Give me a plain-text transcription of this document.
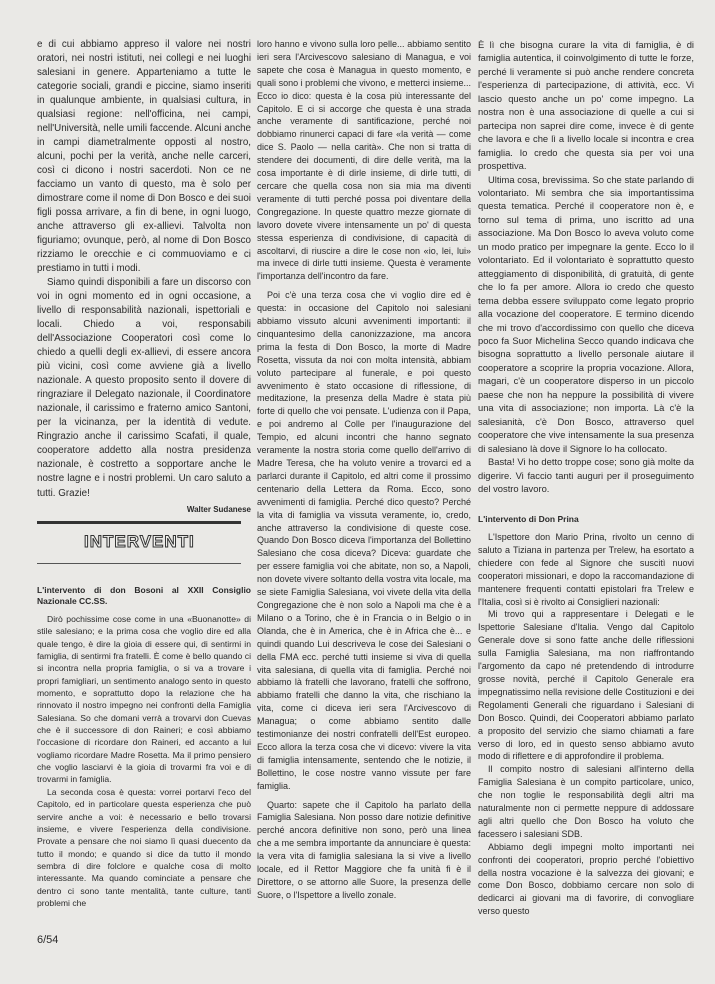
e di cui abbiamo appreso il valore nei nostri oratori, nei nostri istituti, nei collegi e nei luoghi salesiani in genere. Apparteniamo a tutte le categorie sociali, grandi e piccine, siamo inseriti in qualunque ambiente, in qualsiasi cultura, in qualsiasi regione: nell'officina, nei campi, nell'Università, nelle umili faccende. Alcuni anche in campi diametralmente opposti al nostro, alcuni, pochi per la verità, anche nelle carceri, così ci dicono i nostri sacerdoti. Non ce ne facciamo un vanto di questo, ma è solo per dimostrare come il nome di Don Bosco e dei suoi figli possa arrivare, a fin di bene, in ogni luogo, anche attraverso gli ex-allievi. Talvolta non figuriamo; ovunque, però, al nome di Don Bosco rizziamo le orecchie e ci commuoviamo e ci prestiamo in tutti i modi.

Siamo quindi disponibili a fare un discorso con voi in ogni momento ed in ogni occasione, a livello di responsabilità nazionali, ispettoriali e locali. Chiedo a voi, responsabili dell'Associazione Cooperatori così come lo chiedo a quelli degli ex-allievi, di essere ancora più vicini, così come avviene già a livello nazionale. A questo proposito sento il dovere di ringraziare il Delegato nazionale, il Coordinatore nazionale, il carissimo e fraterno amico Santoni, per la vicinanza, per la identità di vedute. Ringrazio anche il carissimo Scafati, il quale, cooperatore addetto alla nostra presidenza nazionale, è costretto a sopportare anche le nostre lagne e i nostri problemi. Un caro saluto a tutti. Grazie!

Walter Sudanese
INTERVENTI

L'intervento di don Bosoni al XXII Consiglio Nazionale CC.SS.

Dirò pochissime cose come in una «Buonanotte» di stile salesiano; e la prima cosa che voglio dire ed alla quale tengo, è dire la gioia di essere qui, di sentirmi in famiglia, di sentirmi fra fratelli. È come è bello quando ci si incontra nella propria famiglia, o si va a trovare i propri famigliari, un sentimento analogo sento in questo momento, e soprattutto dopo la relazione che ha rinnovato il nostro impegno nei confronti della Famiglia Salesiana. So che domani verrà a trovarvi don Cuevas che è il successore di don Raineri; e così abbiamo l'occasione di ricordare don Raineri, ed accanto a lui vogliamo ricordare Madre Rosetta. Ma il primo pensiero che voglio lasciarvi è la gioia di trovarmi fra voi e di trovarmi in famiglia.

La seconda cosa è questa: vorrei portarvi l'eco del Capitolo, ed in particolare questa esperienza che può servire anche a voi: è necessario e bello trovarsi insieme, e vivere l'esperienza della condivisione. Provate a pensare che noi siamo lì quasi duecento da tutto il mondo; e quando si dice da tutto il mondo sembra di dire folclore e qualche cosa di molto interessante. Ma quando cominciate a pensare che dentro ci sono tante mentalità, tante culture, tanti problemi che

loro hanno e vivono sulla loro pelle... abbiamo sentito ieri sera l'Arcivescovo salesiano di Managua, e voi sapete che cosa è Managua in questo momento, e quali sono i problemi che vivono, e metterci insieme... Ecco io dico: questa è la cosa più interessante del Capitolo. E ci si accorge che questa è una strada anche veramente di santificazione, perché noi dobbiamo rinunerci capaci di fare «la verità — come dice S. Paolo — nella carità». Che non si tratta di stendere dei documenti, di dire delle verità, ma la cosa importante è di dirle insieme, di dirle tutti, di cercare che quella cosa non sia mia ma diventi veramente di tutti perché possa poi diventare della Congregazione. In queste quattro mezze giornate di lavoro dovete vivere intensamente un po' di questa stessa esperienza di condivisione, di capacità di ascoltarvi, di riuscire a dire le cose non «io, lei, lui» ma invece di dirle tutti insieme. Questa è veramente l'importanza dell'incontro da fare.

Poi c'è una terza cosa che vi voglio dire ed è questa: in occasione del Capitolo noi salesiani abbiamo vissuto alcuni avvenimenti importanti: il cinquantesimo della canonizzazione, ma ancora prima la festa di Don Bosco, la morte di Madre Rosetta, vissuta da noi con molta intensità, abbiam voluto partecipare al funerale, e poi questo avvenimento è stato occasione di riflessione, di meditazione, la presenza della Madre è stata più forte di quello che voi pensate. L'udienza con il Papa, e poi andremo al Colle per l'inaugurazione del Tempio, ed alcuni incontri che hanno segnato veramente la nostra storia come quello dell'arrivo di Madre Teresa, che ha voluto venire a trovarci ed a parlarci durante il Capitolo, ed altri come il prossimo centenario della Lettera da Roma. Ecco, sono avvenimenti di famiglia. Perché dico questo? Perché la vita di famiglia va vissuta veramente, io, credo, anche attraverso la condivisione di queste cose. Quando Don Bosco diceva l'importanza del Bollettino Salesiano che cosa diceva? Diceva: guardate che per essere famiglia voi che abitate, non so, a Napoli, non dovete vivere soltanto della vostra vita locale, ma se siete Famiglia Salesiana, voi vivete della vita della Congregazione che è non solo a Napoli ma che è a Milano o a Torino, che è in Francia o in Belgio o in Olanda, che è in America, che è in Africa che è... e quindi quando Lui descriveva le cose dei Salesiani o della FMA ecc. perché tutti insieme si viva di quella vita salesiana, di quella vita di famiglia. Perché noi abbiamo là fratelli che lavorano, fratelli che soffrono, abbiamo fratelli che danno la vita, che rischiano la vita, come ci diceva ieri sera l'Arcivescovo di Managua; o come abbiamo sentito dalle testimonianze dei nostri confratelli dell'Est europeo. Ecco allora la terza cosa che vi dicevo: vivere la vita di famiglia intensamente, sentendo che le notizie, il Bollettino, le cose nostre vanno vissute per fare famiglia.

Quarto: sapete che il Capitolo ha parlato della Famiglia Salesiana. Non posso dare notizie definitive perché ancora definitive non sono, però una linea che a me sembra importante da annunciare è questa: la vera vita di famiglia salesiana la si vive a livello locale, ed il Rettor Maggiore che fa unità fi è il Direttore, o se attorno alle Suore, la presenza delle Suore, o l'Ispettore a livello zonale.

È lì che bisogna curare la vita di famiglia, è di famiglia autentica, il coinvolgimento di tutte le forze, perché li veramente si può anche rendere concreta l'esperienza di partecipazione, di attività, ecc. Vi lascio questo anche un po' come impegno. La nostra non è una associazione di quelle a cui si partecipa non saprei dire come, invece è di gente che lavora e che lì a livello locale si incontra e crea famiglia. Io credo che questa sia per voi una prospettiva.

Ultima cosa, brevissima. So che state parlando di volontariato. Mi sembra che sia importantissima questa tematica. Perché il cooperatore non è, e torno sul tema di prima, uno iscritto ad una associazione. Ma Don Bosco lo aveva voluto come un modo pratico per impegnare la gente. Ecco lo il volontariato. Ed il volontariato è soprattutto questo atteggiamento di disponibilità, di gratuità, di gente che lo fa per amore. Allora io credo che questo tema debba essere sviluppato come legato proprio alla vocazione del cooperatore. E termino dicendo che mi trovo d'accordissimo con quello che diceva poco fa Suor Michelina Secco quando indicava che bisogna soprattutto a livello personale aiutare il cooperatore a scoprire la propria vocazione. Allora, magari, c'è un cooperatore disperso in un piccolo paese che non ha neppure la possibilità di vivere una vita di associazione; non importa. Là c'è la salesianità, c'è Don Bosco, attraverso quel cooperatore che vive intensamente la sua presenza di salesiano là dove il Signore lo ha collocato.

Basta! Vi ho detto troppe cose; sono già molte da digerire. Vi faccio tanti auguri per il proseguimento del vostro lavoro.

L'intervento di Don Prina

L'Ispettore don Mario Prina, rivolto un cenno di saluto a Tiziana in partenza per Trelew, ha esortato a chiedere con fede al Signore che suscitì nuovi cooperatori missionari, e dopo la raccomandazione di mantenere frequenti contatti epistolari fra Trelew e l'Italia, così si è rivolto ai Consiglieri nazionali:

Mi trovo qui a rappresentare i Delegati e le Ispettorie Salesiane d'Italia. Vengo dal Capitolo Generale dove si sono fatte anche delle riflessioni sulla Famiglia Salesiana, ma non riaffrontando l'argomento da capo né pretendendo di introdurre grosse novità, perché il Capitolo Generale era impegnatissimo nella revisione delle Costituzioni e dei Regolamenti Generali che riguardano i Salesiani di Don Bosco. Quindi, dei Cooperatori abbiamo parlato a proposito del servizio che siamo chiamati a fare verso di loro, ed in questo senso abbiamo avuto modo di riflettere e di approfondire il problema.

Il compito nostro di salesiani all'interno della Famiglia Salesiana è un compito particolare, unico, che non toglie le responsabilità degli altri ma naturalmente non ci permette neppure di addossare agli altri quello che Don Bosco ha voluto che facessero i salesiani SDB.

Abbiamo degli impegni molto importanti nei confronti dei cooperatori, proprio perché l'obiettivo della nostra vocazione è la salvezza dei giovani; e come Don Bosco, dobbiamo cercare non solo di dedicarci ai giovani ma di favorire, di convogliare verso questo

6/54
